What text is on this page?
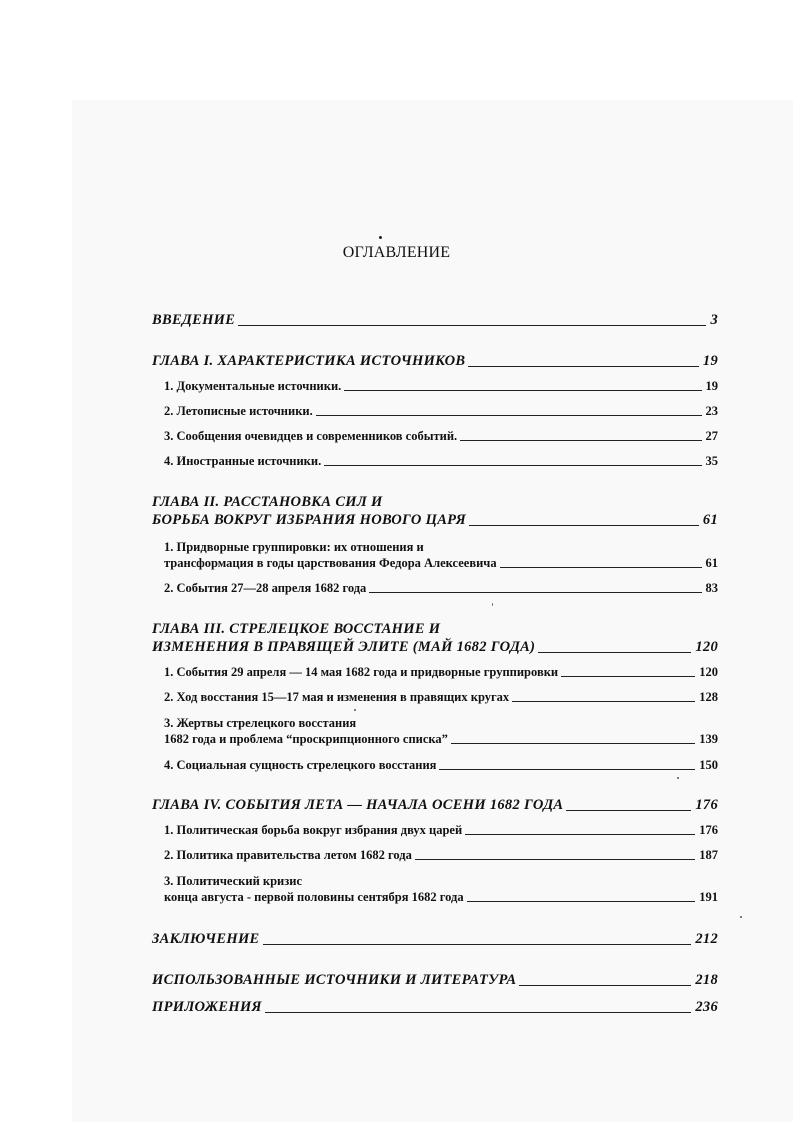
ОГЛАВЛЕНИЕ
ВВЕДЕНИЕ	3
ГЛАВА I. ХАРАКТЕРИСТИКА ИСТОЧНИКОВ	19
1. Документальные источники.	19
2. Летописные источники.	23
3. Сообщения очевидцев и современников событий.	27
4. Иностранные источники.	35
ГЛАВА II. РАССТАНОВКА СИЛ И
БОРЬБА ВОКРУГ ИЗБРАНИЯ НОВОГО ЦАРЯ	61
1. Придворные группировки: их отношения и
трансформация в годы царствования Федора Алексеевича	61
2. События 27—28 апреля 1682 года	83
ГЛАВА III. СТРЕЛЕЦКОЕ ВОССТАНИЕ И
ИЗМЕНЕНИЯ В ПРАВЯЩЕЙ ЭЛИТЕ (МАЙ 1682 ГОДА)	120
1. События 29 апреля — 14 мая 1682 года и придворные группировки	120
2. Ход восстания 15—17 мая и изменения в правящих кругах	128
3. Жертвы стрелецкого восстания
1682 года и проблема “проскрипционного списка”	139
4. Социальная сущность стрелецкого восстания	150
ГЛАВА IV. СОБЫТИЯ ЛЕТА — НАЧАЛА ОСЕНИ 1682 ГОДА	176
1. Политическая борьба вокруг избрания двух царей	176
2. Политика правительства летом 1682 года	187
3. Политический кризис
конца августа - первой половины сентября 1682 года	191
ЗАКЛЮЧЕНИЕ	212
ИСПОЛЬЗОВАННЫЕ ИСТОЧНИКИ И ЛИТЕРАТУРА	218
ПРИЛОЖЕНИЯ	236
